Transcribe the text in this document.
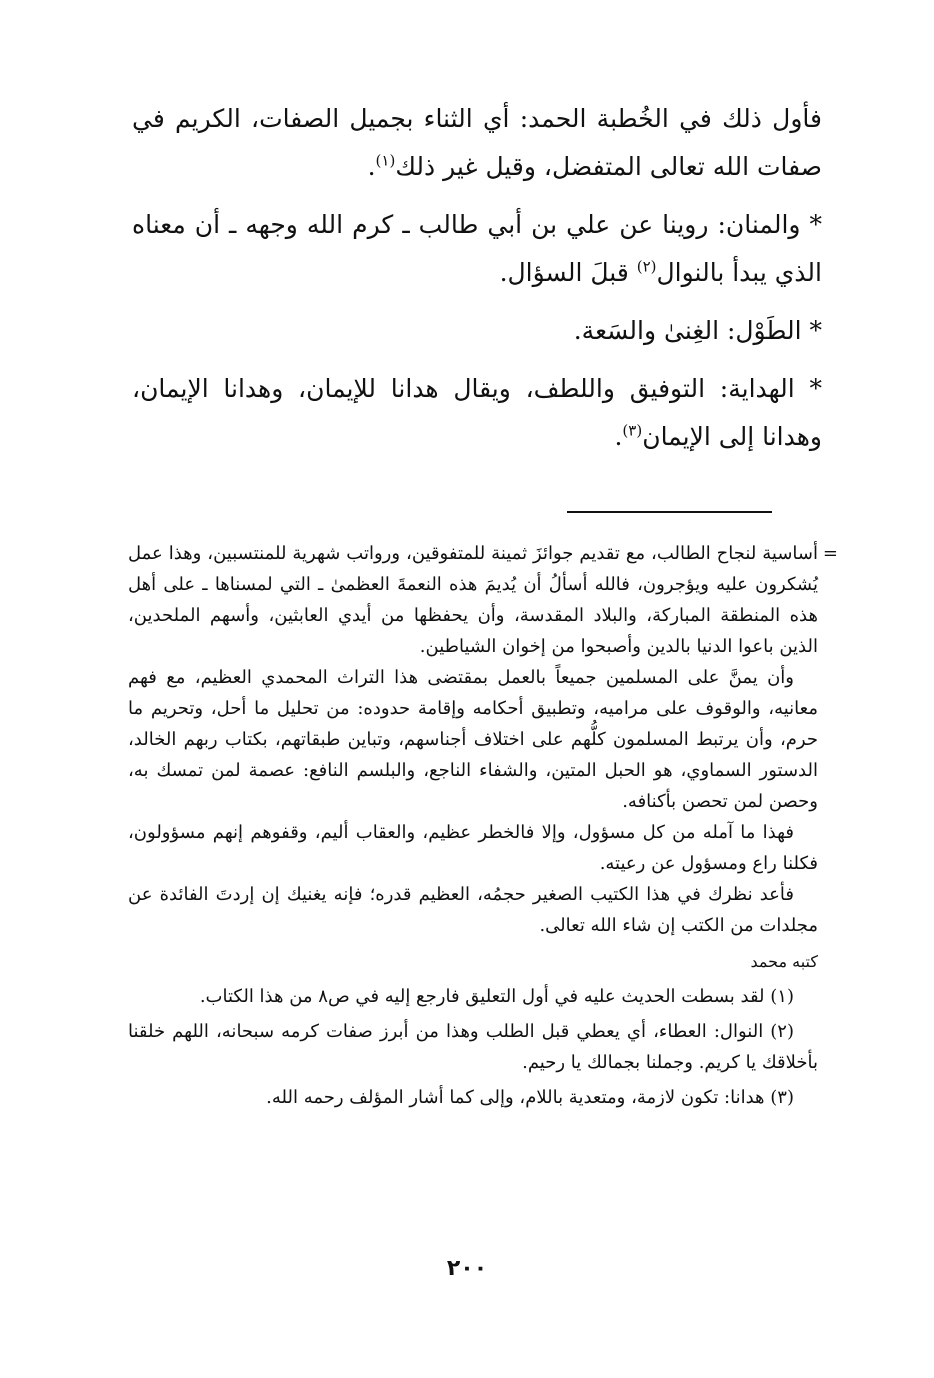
فأول ذلك في الخُطبة الحمد: أي الثناء بجميل الصفات، الكريم في صفات الله تعالى المتفضل، وقيل غير ذلك$^{(١)}$.

* والمنان: روينا عن علي بن أبي طالب ـ كرم الله وجهه ـ أن معناه الذي يبدأ بالنوال$^{(٢)}$ قبلَ السؤال.

* الطَوْل: الغِنىٰ والسَعة.

* الهداية: التوفيق واللطف، ويقال هدانا للإيمان، وهدانا الإيمان، وهدانا إلى الإيمان$^{(٣)}$.

=
أساسية لنجاح الطالب، مع تقديم جوائزَ ثمينة للمتفوقين، ورواتب شهرية للمنتسبين، وهذا عمل يُشكرون عليه ويؤجرون، فالله أسألُ أن يُديمَ هذه النعمةَ العظمىٰ ـ التي لمسناها ـ على أهل هذه المنطقة المباركة، والبلاد المقدسة، وأن يحفظها من أيدي العابثين، وأسهم الملحدين، الذين باعوا الدنيا بالدين وأصبحوا من إخوان الشياطين.

وأن يمنَّ على المسلمين جميعاً بالعمل بمقتضى هذا التراث المحمدي العظيم، مع فهم معانيه، والوقوف على مراميه، وتطبيق أحكامه وإقامة حدوده: من تحليل ما أحل، وتحريم ما حرم، وأن يرتبط المسلمون كلُّهم على اختلاف أجناسهم، وتباين طبقاتهم، بكتاب ربهم الخالد، الدستور السماوي، هو الحبل المتين، والشفاء الناجع، والبلسم النافع: عصمة لمن تمسك به، وحصن لمن تحصن بأكنافه.

فهذا ما آمله من كل مسؤول، وإلا فالخطر عظيم، والعقاب أليم، وقفوهم إنهم مسؤولون، فكلنا راع ومسؤول عن رعيته.

فأعد نظرك في هذا الكتيب الصغير حجمُه، العظيم قدره؛ فإنه يغنيك إن إردتَ الفائدة عن مجلدات من الكتب إن شاء الله تعالى.

كتبه محمد

(١) لقد بسطت الحديث عليه في أول التعليق فارجع إليه في ص٨ من هذا الكتاب.

(٢) النوال: العطاء، أي يعطي قبل الطلب وهذا من أبرز صفات كرمه سبحانه، اللهم خلقنا بأخلاقك يا كريم. وجملنا بجمالك يا رحيم.

(٣) هدانا: تكون لازمة، ومتعدية باللام، وإلى كما أشار المؤلف رحمه الله.

٢٠٠
